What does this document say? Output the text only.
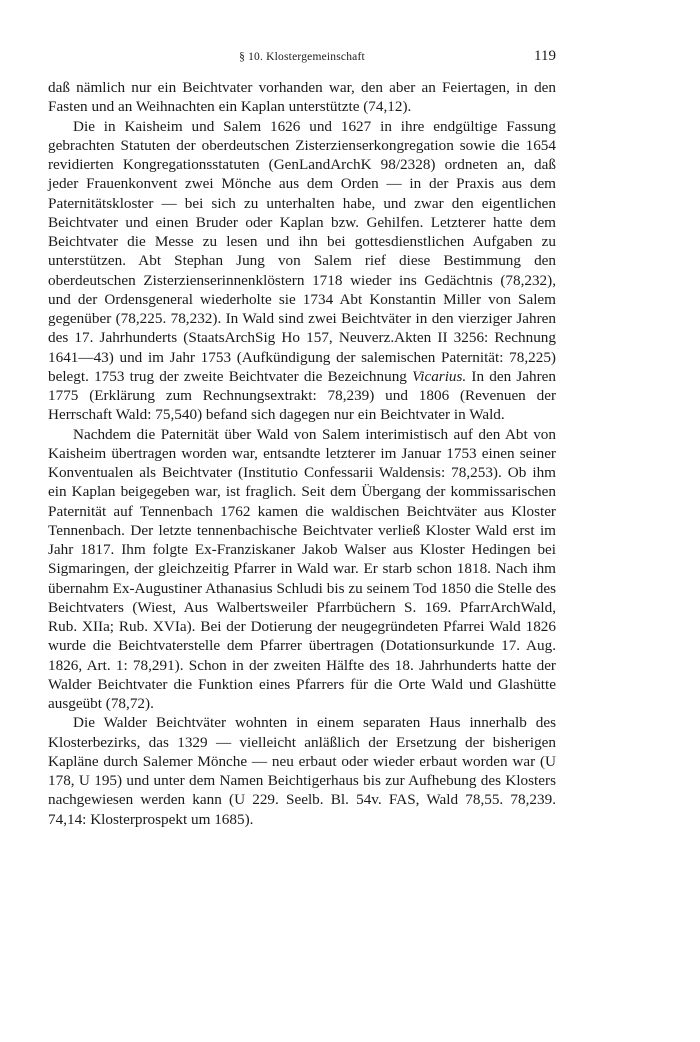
§ 10. Klostergemeinschaft	119

daß nämlich nur ein Beichtvater vorhanden war, den aber an Feiertagen, in den Fasten und an Weihnachten ein Kaplan unterstützte (74,12).

Die in Kaisheim und Salem 1626 und 1627 in ihre endgültige Fassung gebrachten Statuten der oberdeutschen Zisterzienserkongregation sowie die 1654 revidierten Kongregationsstatuten (GenLandArchK 98/2328) ordneten an, daß jeder Frauenkonvent zwei Mönche aus dem Orden — in der Praxis aus dem Paternitätskloster — bei sich zu unterhalten habe, und zwar den eigentlichen Beichtvater und einen Bruder oder Kaplan bzw. Gehilfen. Letzterer hatte dem Beichtvater die Messe zu lesen und ihn bei gottesdienstlichen Aufgaben zu unterstützen. Abt Stephan Jung von Salem rief diese Bestimmung den oberdeutschen Zisterzienserinnenklöstern 1718 wieder ins Gedächtnis (78,232), und der Ordensgeneral wiederholte sie 1734 Abt Konstantin Miller von Salem gegenüber (78,225. 78,232). In Wald sind zwei Beichtväter in den vierziger Jahren des 17. Jahrhunderts (StaatsArchSig Ho 157, Neuverz.Akten II 3256: Rechnung 1641—43) und im Jahr 1753 (Aufkündigung der salemischen Paternität: 78,225) belegt. 1753 trug der zweite Beichtvater die Bezeichnung Vicarius. In den Jahren 1775 (Erklärung zum Rechnungsextrakt: 78,239) und 1806 (Revenuen der Herrschaft Wald: 75,540) befand sich dagegen nur ein Beichtvater in Wald.

Nachdem die Paternität über Wald von Salem interimistisch auf den Abt von Kaisheim übertragen worden war, entsandte letzterer im Januar 1753 einen seiner Konventualen als Beichtvater (Institutio Confessarii Waldensis: 78,253). Ob ihm ein Kaplan beigegeben war, ist fraglich. Seit dem Übergang der kommissarischen Paternität auf Tennenbach 1762 kamen die waldischen Beichtväter aus Kloster Tennenbach. Der letzte tennenbachische Beichtvater verließ Kloster Wald erst im Jahr 1817. Ihm folgte Ex-Franziskaner Jakob Walser aus Kloster Hedingen bei Sigmaringen, der gleichzeitig Pfarrer in Wald war. Er starb schon 1818. Nach ihm übernahm Ex-Augustiner Athanasius Schludi bis zu seinem Tod 1850 die Stelle des Beichtvaters (Wiest, Aus Walbertsweiler Pfarrbüchern S. 169. PfarrArchWald, Rub. XIIa; Rub. XVIa). Bei der Dotierung der neugegründeten Pfarrei Wald 1826 wurde die Beichtvaterstelle dem Pfarrer übertragen (Dotationsurkunde 17. Aug. 1826, Art. 1: 78,291). Schon in der zweiten Hälfte des 18. Jahrhunderts hatte der Walder Beichtvater die Funktion eines Pfarrers für die Orte Wald und Glashütte ausgeübt (78,72).

Die Walder Beichtväter wohnten in einem separaten Haus innerhalb des Klosterbezirks, das 1329 — vielleicht anläßlich der Ersetzung der bisherigen Kapläne durch Salemer Mönche — neu erbaut oder wieder erbaut worden war (U 178, U 195) und unter dem Namen Beichtigerhaus bis zur Aufhebung des Klosters nachgewiesen werden kann (U 229. Seelb. Bl. 54v. FAS, Wald 78,55. 78,239. 74,14: Klosterprospekt um 1685).
